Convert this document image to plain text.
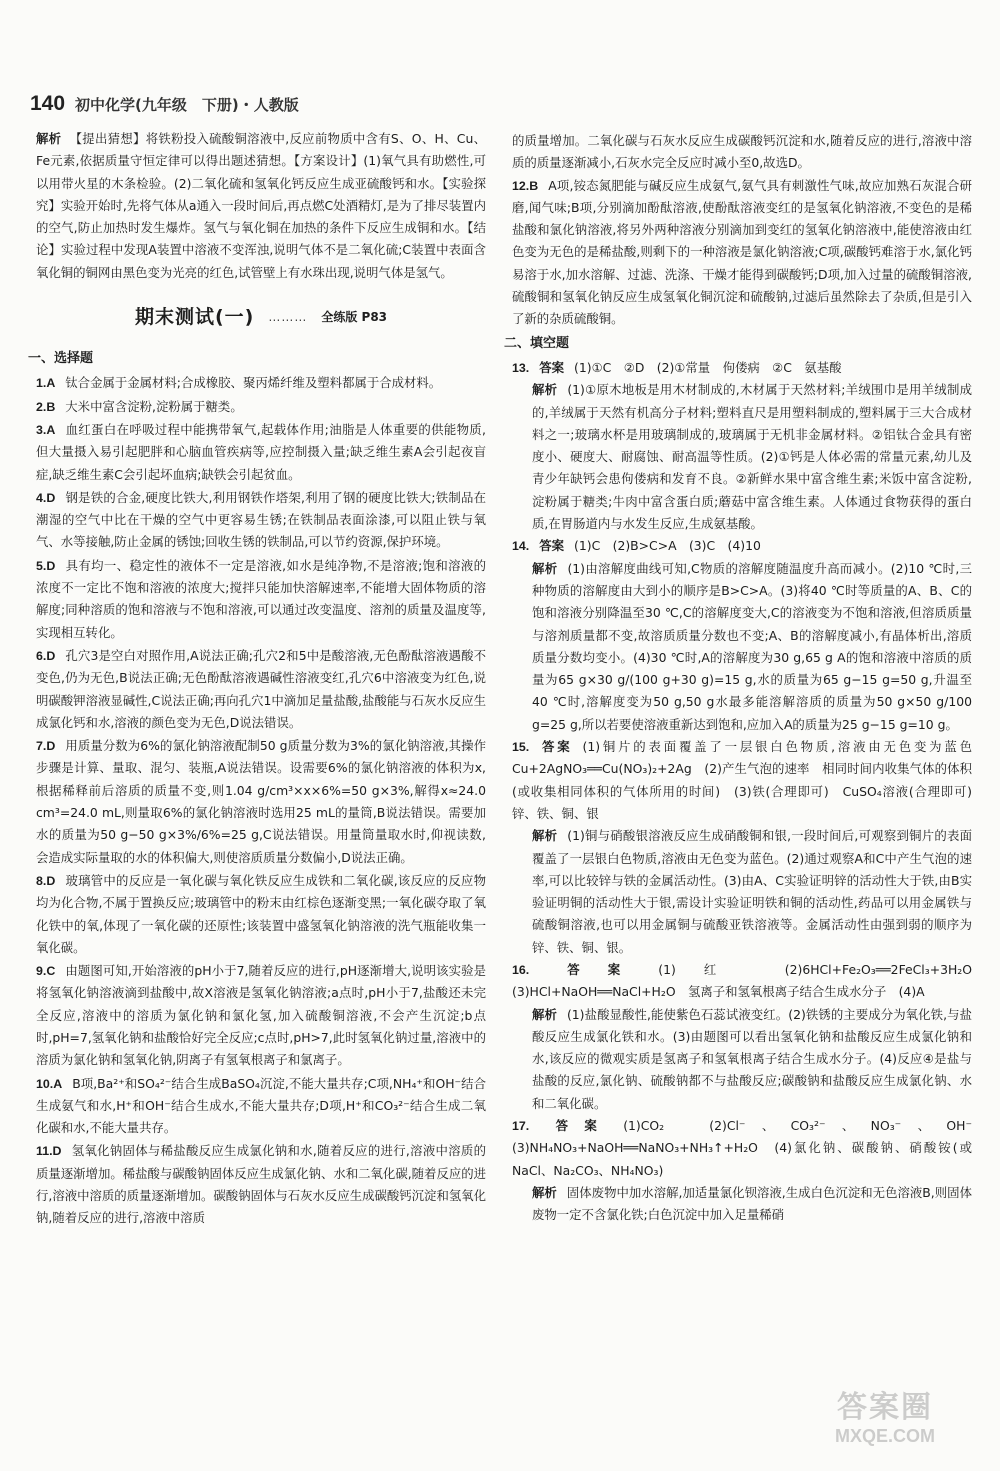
140 初中化学(九年级　下册)・人教版

解析 【提出猜想】将铁粉投入硫酸铜溶液中,反应前物质中含有S、O、H、Cu、Fe元素,依据质量守恒定律可以得出题述猜想。【方案设计】(1)氧气具有助燃性,可以用带火星的木条检验。(2)二氧化硫和氢氧化钙反应生成亚硫酸钙和水。【实验探究】实验开始时,先将气体从a通入一段时间后,再点燃C处酒精灯,是为了排尽装置内的空气,防止加热时发生爆炸。氢气与氧化铜在加热的条件下反应生成铜和水。【结论】实验过程中发现A装置中溶液不变浑浊,说明气体不是二氧化硫;C装置中表面含氧化铜的铜网由黑色变为光亮的红色,试管壁上有水珠出现,说明气体是氢气。

期末测试(一) ……… 全练版 P83
一、选择题

1.A 钛合金属于金属材料;合成橡胶、聚丙烯纤维及塑料都属于合成材料。

2.B 大米中富含淀粉,淀粉属于糖类。

3.A 血红蛋白在呼吸过程中能携带氧气,起载体作用;油脂是人体重要的供能物质,但大量摄入易引起肥胖和心脑血管疾病等,应控制摄入量;缺乏维生素A会引起夜盲症,缺乏维生素C会引起坏血病;缺铁会引起贫血。

4.D 钢是铁的合金,硬度比铁大,利用钢铁作塔架,利用了钢的硬度比铁大;铁制品在潮湿的空气中比在干燥的空气中更容易生锈;在铁制品表面涂漆,可以阻止铁与氧气、水等接触,防止金属的锈蚀;回收生锈的铁制品,可以节约资源,保护环境。

5.D 具有均一、稳定性的液体不一定是溶液,如水是纯净物,不是溶液;饱和溶液的浓度不一定比不饱和溶液的浓度大;搅拌只能加快溶解速率,不能增大固体物质的溶解度;同种溶质的饱和溶液与不饱和溶液,可以通过改变温度、溶剂的质量及温度等,实现相互转化。

6.D 孔穴3是空白对照作用,A说法正确;孔穴2和5中是酸溶液,无色酚酞溶液遇酸不变色,仍为无色,B说法正确;无色酚酞溶液遇碱性溶液变红,孔穴6中溶液变为红色,说明碳酸钾溶液显碱性,C说法正确;再向孔穴1中滴加足量盐酸,盐酸能与石灰水反应生成氯化钙和水,溶液的颜色变为无色,D说法错误。

7.D 用质量分数为6%的氯化钠溶液配制50 g质量分数为3%的氯化钠溶液,其操作步骤是计算、量取、混匀、装瓶,A说法错误。设需要6%的氯化钠溶液的体积为x,根据稀释前后溶质的质量不变,则1.04 g/cm³×x×6%=50 g×3%,解得x≈24.0 cm³=24.0 mL,则量取6%的氯化钠溶液时选用25 mL的量筒,B说法错误。需要加水的质量为50 g−50 g×3%/6%=25 g,C说法错误。用量筒量取水时,仰视读数,会造成实际量取的水的体积偏大,则使溶质质量分数偏小,D说法正确。

8.D 玻璃管中的反应是一氧化碳与氧化铁反应生成铁和二氧化碳,该反应的反应物均为化合物,不属于置换反应;玻璃管中的粉末由红棕色逐渐变黑;一氧化碳夺取了氧化铁中的氧,体现了一氧化碳的还原性;该装置中盛氢氧化钠溶液的洗气瓶能收集一氧化碳。

9.C 由题图可知,开始溶液的pH小于7,随着反应的进行,pH逐渐增大,说明该实验是将氢氧化钠溶液滴到盐酸中,故X溶液是氢氧化钠溶液;a点时,pH小于7,盐酸还未完全反应,溶液中的溶质为氯化钠和氯化氢,加入硫酸铜溶液,不会产生沉淀;b点时,pH=7,氢氧化钠和盐酸恰好完全反应;c点时,pH>7,此时氢氧化钠过量,溶液中的溶质为氯化钠和氢氧化钠,阴离子有氢氧根离子和氯离子。

10.A B项,Ba²⁺和SO₄²⁻结合生成BaSO₄沉淀,不能大量共存;C项,NH₄⁺和OH⁻结合生成氨气和水,H⁺和OH⁻结合生成水,不能大量共存;D项,H⁺和CO₃²⁻结合生成二氧化碳和水,不能大量共存。

11.D 氢氧化钠固体与稀盐酸反应生成氯化钠和水,随着反应的进行,溶液中溶质的质量逐渐增加。稀盐酸与碳酸钠固体反应生成氯化钠、水和二氧化碳,随着反应的进行,溶液中溶质的质量逐渐增加。碳酸钠固体与石灰水反应生成碳酸钙沉淀和氢氧化钠,随着反应的进行,溶液中溶质

的质量增加。二氧化碳与石灰水反应生成碳酸钙沉淀和水,随着反应的进行,溶液中溶质的质量逐渐减小,石灰水完全反应时减小至0,故选D。

12.B A项,铵态氮肥能与碱反应生成氨气,氨气具有刺激性气味,故应加熟石灰混合研磨,闻气味;B项,分别滴加酚酞溶液,使酚酞溶液变红的是氢氧化钠溶液,不变色的是稀盐酸和氯化钠溶液,将另外两种溶液分别滴加到变红的氢氧化钠溶液中,能使溶液由红色变为无色的是稀盐酸,则剩下的一种溶液是氯化钠溶液;C项,碳酸钙难溶于水,氯化钙易溶于水,加水溶解、过滤、洗涤、干燥才能得到碳酸钙;D项,加入过量的硫酸铜溶液,硫酸铜和氢氧化钠反应生成氢氧化铜沉淀和硫酸钠,过滤后虽然除去了杂质,但是引入了新的杂质硫酸铜。

二、填空题

13. 答案 (1)①C　②D　(2)①常量　佝偻病　②C　氨基酸

解析 (1)①原木地板是用木材制成的,木材属于天然材料;羊绒围巾是用羊绒制成的,羊绒属于天然有机高分子材料;塑料直尺是用塑料制成的,塑料属于三大合成材料之一;玻璃水杯是用玻璃制成的,玻璃属于无机非金属材料。②铝钛合金具有密度小、硬度大、耐腐蚀、耐高温等性质。(2)①钙是人体必需的常量元素,幼儿及青少年缺钙会患佝偻病和发育不良。②新鲜水果中富含维生素;米饭中富含淀粉,淀粉属于糖类;牛肉中富含蛋白质;蘑菇中富含维生素。人体通过食物获得的蛋白质,在胃肠道内与水发生反应,生成氨基酸。

14. 答案 (1)C　(2)B>C>A　(3)C　(4)10

解析 (1)由溶解度曲线可知,C物质的溶解度随温度升高而减小。(2)10 ℃时,三种物质的溶解度由大到小的顺序是B>C>A。(3)将40 ℃时等质量的A、B、C的饱和溶液分别降温至30 ℃,C的溶解度变大,C的溶液变为不饱和溶液,但溶质质量与溶剂质量都不变,故溶质质量分数也不变;A、B的溶解度减小,有晶体析出,溶质质量分数均变小。(4)30 ℃时,A的溶解度为30 g,65 g A的饱和溶液中溶质的质量为65 g×30 g/(100 g+30 g)=15 g,水的质量为65 g−15 g=50 g,升温至40 ℃时,溶解度变为50 g,50 g水最多能溶解溶质的质量为50 g×50 g/100 g=25 g,所以若要使溶液重新达到饱和,应加入A的质量为25 g−15 g=10 g。

15. 答案 (1)铜片的表面覆盖了一层银白色物质,溶液由无色变为蓝色　Cu+2AgNO₃══Cu(NO₃)₂+2Ag　(2)产生气泡的速率　相同时间内收集气体的体积(或收集相同体积的气体所用的时间)　(3)铁(合理即可)　CuSO₄溶液(合理即可)　锌、铁、铜、银

解析 (1)铜与硝酸银溶液反应生成硝酸铜和银,一段时间后,可观察到铜片的表面覆盖了一层银白色物质,溶液由无色变为蓝色。(2)通过观察A和C中产生气泡的速率,可以比较锌与铁的金属活动性。(3)由A、C实验证明锌的活动性大于铁,由B实验证明铜的活动性大于银,需设计实验证明铁和铜的活动性,药品可以用金属铁与硫酸铜溶液,也可以用金属铜与硫酸亚铁溶液等。金属活动性由强到弱的顺序为锌、铁、铜、银。

16. 答案 (1)红　(2)6HCl+Fe₂O₃══2FeCl₃+3H₂O　(3)HCl+NaOH══NaCl+H₂O　氢离子和氢氧根离子结合生成水分子　(4)A

解析 (1)盐酸显酸性,能使紫色石蕊试液变红。(2)铁锈的主要成分为氧化铁,与盐酸反应生成氯化铁和水。(3)由题图可以看出氢氧化钠和盐酸反应生成氯化钠和水,该反应的微观实质是氢离子和氢氧根离子结合生成水分子。(4)反应④是盐与盐酸的反应,氯化钠、硫酸钠都不与盐酸反应;碳酸钠和盐酸反应生成氯化钠、水和二氧化碳。

17. 答案 (1)CO₂　(2)Cl⁻、CO₃²⁻、NO₃⁻、OH⁻　(3)NH₄NO₃+NaOH══NaNO₃+NH₃↑+H₂O　(4)氯化钠、碳酸钠、硝酸铵(或NaCl、Na₂CO₃、NH₄NO₃)

解析 固体废物中加水溶解,加适量氯化钡溶液,生成白色沉淀和无色溶液B,则固体废物一定不含氯化铁;白色沉淀中加入足量稀硝

答案圈
MXQE.COM
